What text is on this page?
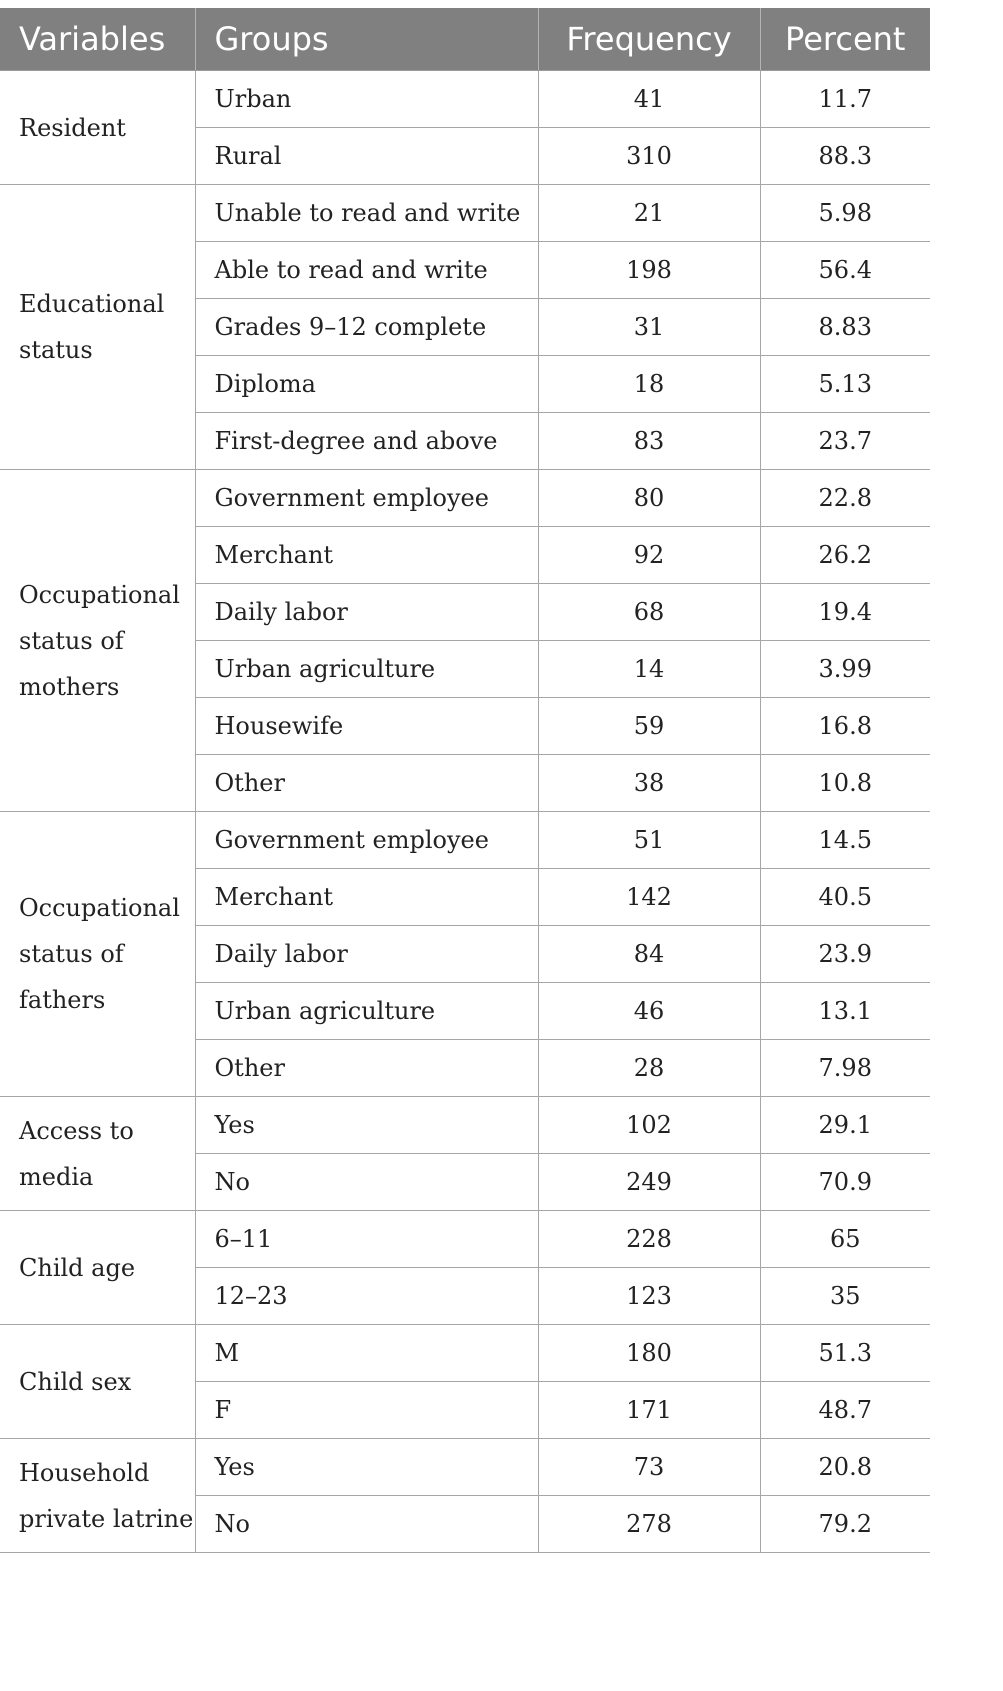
Variables	Groups	Frequency	Percent

Resident	Urban	41	11.7
	Rural	310	88.3

Educational
status	Unable to read and write	21	5.98
	Able to read and write	198	56.4
	Grades 9–12 complete	31	8.83
	Diploma	18	5.13
	First-degree and above	83	23.7

Occupational
status of
mothers	Government employee	80	22.8
	Merchant	92	26.2
	Daily labor	68	19.4
	Urban agriculture	14	3.99
	Housewife	59	16.8
	Other	38	10.8

Occupational
status of
fathers	Government employee	51	14.5
	Merchant	142	40.5
	Daily labor	84	23.9
	Urban agriculture	46	13.1
	Other	28	7.98

Access to
media	Yes	102	29.1
	No	249	70.9

Child age	6–11	228	65
	12–23	123	35

Child sex	M	180	51.3
	F	171	48.7

Household
private latrine	Yes	73	20.8
	No	278	79.2
